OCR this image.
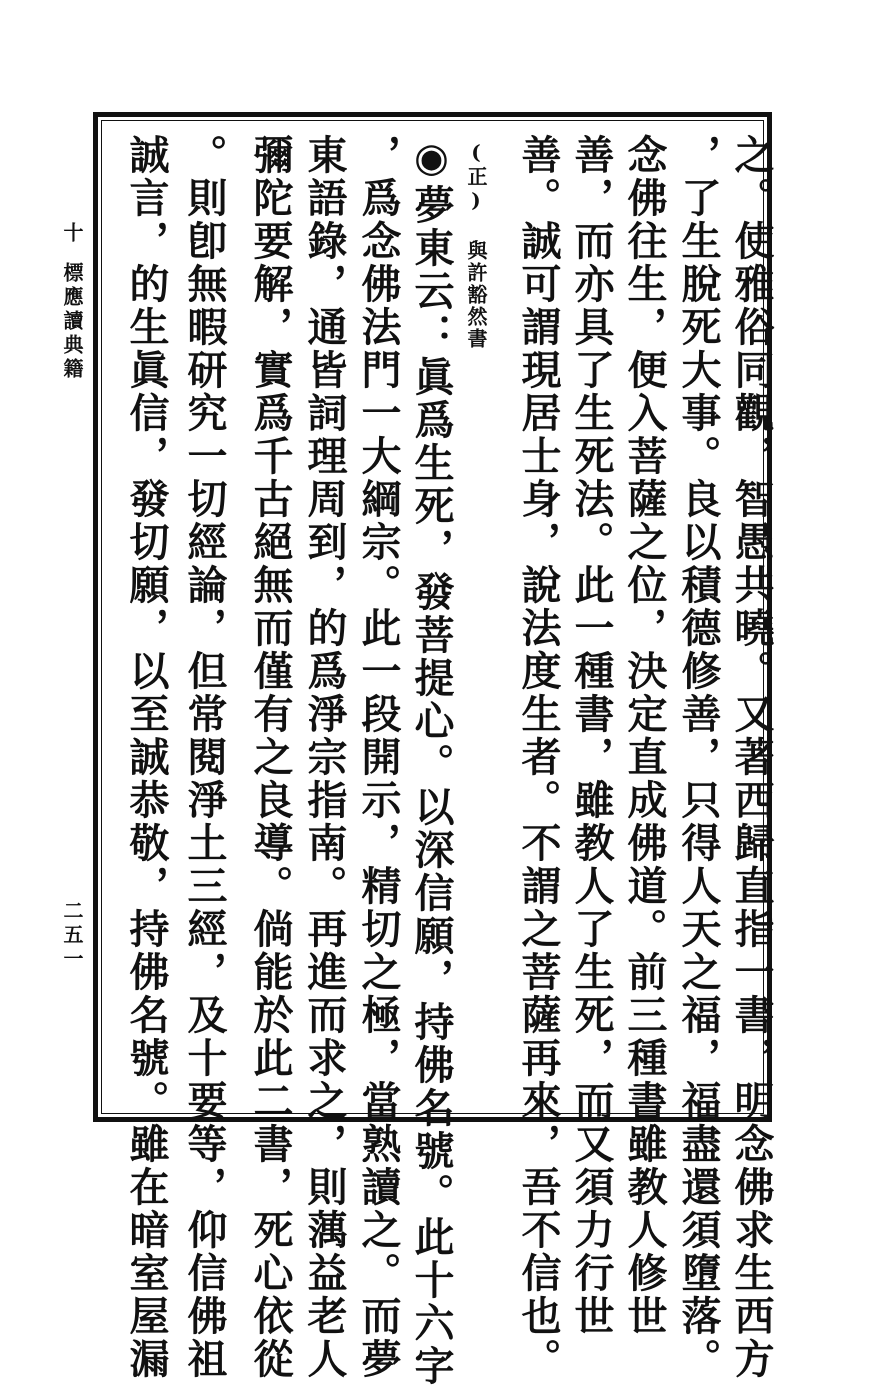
十
標應讀典籍
二五一	之。使雅俗同觀，智愚共曉。又著西歸直指一書，明念佛求生西方
，了生脫死大事。良以積德修善，只得人天之福，福盡還須墮落。
念佛往生，便入菩薩之位，決定直成佛道。前三種書雖教人修世
善，而亦具了生死法。此一種書，雖教人了生死，而又須力行世
善。誠可謂現居士身，說法度生者。不謂之菩薩再來，吾不信也。
(正) 與許豁然書
◉夢東云：眞爲生死，發菩提心。以深信願，持佛名號。此十六字
，爲念佛法門一大綱宗。此一段開示，精切之極，當熟讀之。而夢
東語錄，通皆詞理周到，的爲淨宗指南。再進而求之，則蕅益老人
彌陀要解，實爲千古絕無而僅有之良導。倘能於此二書，死心依從
。則卽無暇研究一切經論，但常閱淨土三經，及十要等，仰信佛祖
誠言，的生眞信，發切願，以至誠恭敬，持佛名號。雖在暗室屋漏
